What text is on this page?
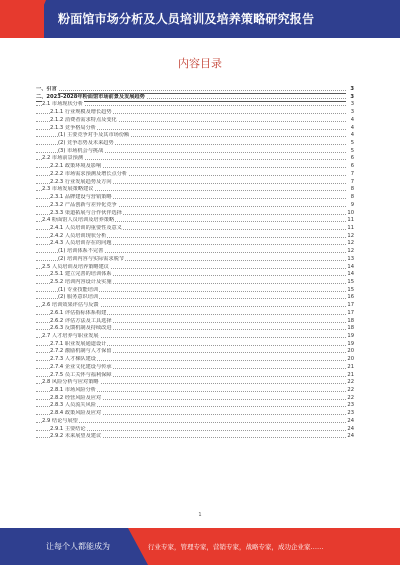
粉面馆市场分析及人员培训及培养策略研究报告
内容目录
一、引言	3
二、2023-2028年粉面馆市场前景及发展趋势	3
2.1 市场现状分析	3
2.1.1 行业规模及增长趋势	3
2.1.2 消费者需求特点及变化	4
2.1.3 竞争格局分析	4
(1) 主要竞争对手及其市场份额	4
(2) 竞争态势及未来趋势	5
(3) 市场机会与挑战	5
2.2 市场前景预测	6
2.2.1 政策环境及影响	6
2.2.2 市场需求预测及增长点分析	7
2.2.3 行业发展趋势及方向	7
2.3 市场发展策略建议	8
2.3.1 品牌建设与营销策略	8
2.3.2 产品创新与差异化竞争	9
2.3.3 渠道拓展与合作伙伴选择	10
2.4 粉面馆人员培训及培养策略	11
2.4.1 人员培训的重要性及意义	11
2.4.2 人员培训现状分析	12
2.4.3 人员培训存在的问题	12
(1) 培训体系不完善	12
(2) 培训内容与实际需求脱节	13
2.5 人员培训及培养策略建议	14
2.5.1 建立完善的培训体系	14
2.5.2 培训内容设计及实施	15
(1) 专业技能培训	15
(2) 服务意识培训	16
2.6 培训效果评估与反馈	17
2.6.1 评估指标体系构建	17
2.6.2 评估方法及工具选择	18
2.6.3 反馈机制及持续改进	18
2.7 人才培养与职业发展	19
2.7.1 职业发展通道设计	19
2.7.2 激励机制与人才保留	20
2.7.3 人才梯队建设	20
2.7.4 企业文化建设与传承	21
2.7.5 员工关怀与福利保障	21
2.8 风险分析与应对策略	22
2.8.1 市场风险分析	22
2.8.2 经营风险及应对	22
2.8.3 人员流失风险	23
2.8.4 政策风险及应对	23
2.9 结论与展望	24
2.9.1 主要结论	24
2.9.2 未来展望及建议	24
1
让每个人都能成为	行业专家，管理专家，营销专家，战略专家，成功企业家……
